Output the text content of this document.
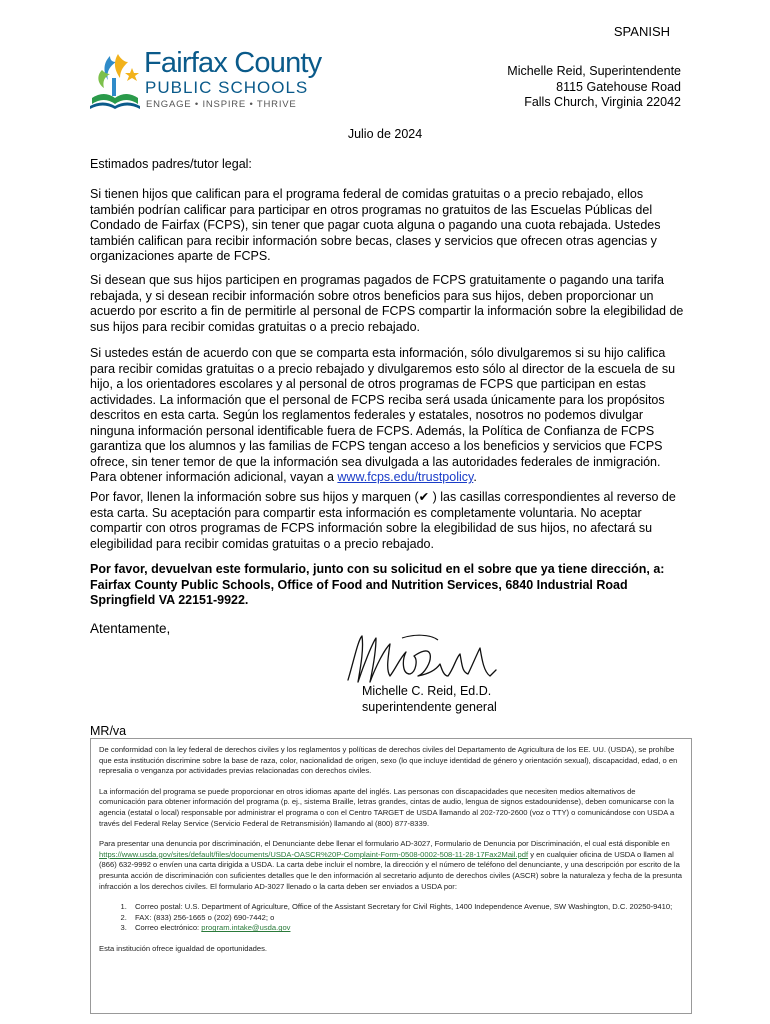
SPANISH
Fairfax County
PUBLIC SCHOOLS
ENGAGE • INSPIRE • THRIVE
Michelle Reid, Superintendente
8115 Gatehouse Road
Falls Church, Virginia 22042
Julio de 2024
Estimados padres/tutor legal:
Si tienen hijos que califican para el programa federal de comidas gratuitas o a precio rebajado, ellos también podrían calificar para participar en otros programas no gratuitos de las Escuelas Públicas del Condado de Fairfax (FCPS), sin tener que pagar cuota alguna o pagando una cuota rebajada. Ustedes también califican para recibir información sobre becas, clases y servicios que ofrecen otras agencias y organizaciones aparte de FCPS.
Si desean que sus hijos participen en programas pagados de FCPS gratuitamente o pagando una tarifa rebajada, y si desean recibir información sobre otros beneficios para sus hijos, deben proporcionar un acuerdo por escrito a fin de permitirle al personal de FCPS compartir la información sobre la elegibilidad de sus hijos para recibir comidas gratuitas o a precio rebajado.
Si ustedes están de acuerdo con que se comparta esta información, sólo divulgaremos si su hijo califica para recibir comidas gratuitas o a precio rebajado y divulgaremos esto sólo al director de la escuela de su hijo, a los orientadores escolares y al personal de otros programas de FCPS que participan en estas actividades. La información que el personal de FCPS reciba será usada únicamente para los propósitos descritos en esta carta. Según los reglamentos federales y estatales, nosotros no podemos divulgar ninguna información personal identificable fuera de FCPS. Además, la Política de Confianza de FCPS garantiza que los alumnos y las familias de FCPS tengan acceso a los beneficios y servicios que FCPS ofrece, sin tener temor de que la información sea divulgada a las autoridades federales de inmigración. Para obtener información adicional, vayan a www.fcps.edu/trustpolicy.
Por favor, llenen la información sobre sus hijos y marquen (✔ ) las casillas correspondientes al reverso de esta carta. Su aceptación para compartir esta información es completamente voluntaria. No aceptar compartir con otros programas de FCPS información sobre la elegibilidad de sus hijos, no afectará su elegibilidad para recibir comidas gratuitas o a precio rebajado.
Por favor, devuelvan este formulario, junto con su solicitud en el sobre que ya tiene dirección, a: Fairfax County Public Schools, Office of Food and Nutrition Services, 6840 Industrial Road Springfield VA 22151-9922.
Atentamente,
Michelle C. Reid, Ed.D.
superintendente general
MR/va

De conformidad con la ley federal de derechos civiles y los reglamentos y políticas de derechos civiles del Departamento de Agricultura de los EE. UU. (USDA), se prohíbe que esta institución discrimine sobre la base de raza, color, nacionalidad de origen, sexo (lo que incluye identidad de género y orientación sexual), discapacidad, edad, o en represalia o venganza por actividades previas relacionadas con derechos civiles.

La información del programa se puede proporcionar en otros idiomas aparte del inglés. Las personas con discapacidades que necesiten medios alternativos de comunicación para obtener información del programa (p. ej., sistema Braille, letras grandes, cintas de audio, lengua de signos estadounidense), deben comunicarse con la agencia (estatal o local) responsable por administrar el programa o con el Centro TARGET de USDA llamando al 202-720-2600 (voz o TTY) o comunicándose con USDA a través del Federal Relay Service (Servicio Federal de Retransmisión) llamando al (800) 877-8339.

Para presentar una denuncia por discriminación, el Denunciante debe llenar el formulario AD-3027, Formulario de Denuncia por Discriminación, el cual está disponible en https://www.usda.gov/sites/default/files/documents/USDA-OASCR%20P-Complaint-Form-0508-0002-508-11-28-17Fax2Mail.pdf y en cualquier oficina de USDA o llamen al (866) 632-9992 o envíen una carta dirigida a USDA. La carta debe incluir el nombre, la dirección y el número de teléfono del denunciante, y una descripción por escrito de la presunta acción de discriminación con suficientes detalles que le den información al secretario adjunto de derechos civiles (ASCR) sobre la naturaleza y fecha de la presunta infracción a los derechos civiles. El formulario AD-3027 llenado o la carta deben ser enviados a USDA por:

1. Correo postal: U.S. Department of Agriculture, Office of the Assistant Secretary for Civil Rights, 1400 Independence Avenue, SW Washington, D.C. 20250-9410;
2. FAX: (833) 256-1665 o (202) 690-7442; o
3. Correo electrónico: program.intake@usda.gov

Esta institución ofrece igualdad de oportunidades.
